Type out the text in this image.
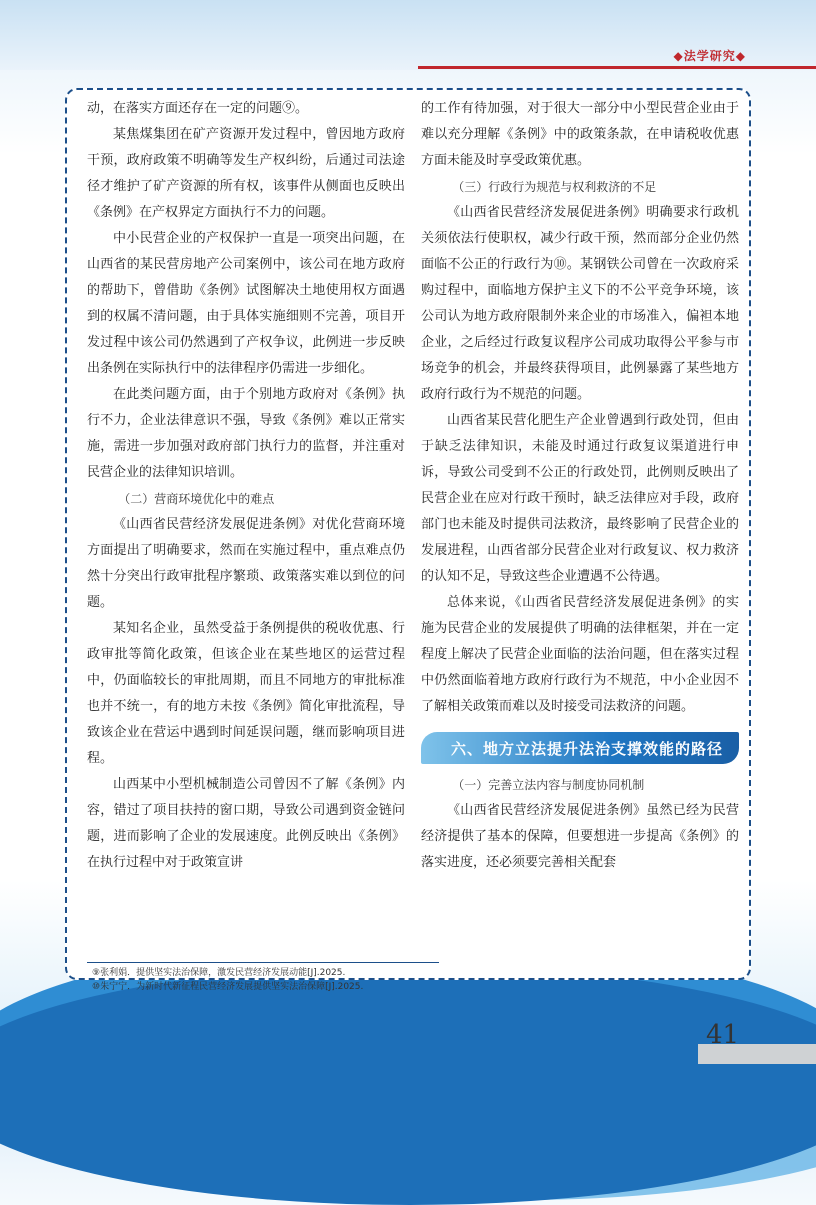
◆法学研究◆

动，在落实方面还存在一定的问题⑨。

某焦煤集团在矿产资源开发过程中，曾因地方政府干预，政府政策不明确等发生产权纠纷，后通过司法途径才维护了矿产资源的所有权，该事件从侧面也反映出《条例》在产权界定方面执行不力的问题。

中小民营企业的产权保护一直是一项突出问题，在山西省的某民营房地产公司案例中，该公司在地方政府的帮助下，曾借助《条例》试图解决土地使用权方面遇到的权属不清问题，由于具体实施细则不完善，项目开发过程中该公司仍然遇到了产权争议，此例进一步反映出条例在实际执行中的法律程序仍需进一步细化。

在此类问题方面，由于个别地方政府对《条例》执行不力，企业法律意识不强，导致《条例》难以正常实施，需进一步加强对政府部门执行力的监督，并注重对民营企业的法律知识培训。

（二）营商环境优化中的难点

《山西省民营经济发展促进条例》对优化营商环境方面提出了明确要求，然而在实施过程中，重点难点仍然十分突出行政审批程序繁琐、政策落实难以到位的问题。

某知名企业，虽然受益于条例提供的税收优惠、行政审批等简化政策，但该企业在某些地区的运营过程中，仍面临较长的审批周期，而且不同地方的审批标准也并不统一，有的地方未按《条例》简化审批流程，导致该企业在营运中遇到时间延误问题，继而影响项目进程。

山西某中小型机械制造公司曾因不了解《条例》内容，错过了项目扶持的窗口期，导致公司遇到资金链问题，进而影响了企业的发展速度。此例反映出《条例》在执行过程中对于政策宣讲

的工作有待加强，对于很大一部分中小型民营企业由于难以充分理解《条例》中的政策条款，在申请税收优惠方面未能及时享受政策优惠。

（三）行政行为规范与权利救济的不足

《山西省民营经济发展促进条例》明确要求行政机关须依法行使职权，减少行政干预，然而部分企业仍然面临不公正的行政行为⑩。某钢铁公司曾在一次政府采购过程中，面临地方保护主义下的不公平竞争环境，该公司认为地方政府限制外来企业的市场准入，偏袒本地企业，之后经过行政复议程序公司成功取得公平参与市场竞争的机会，并最终获得项目，此例暴露了某些地方政府行政行为不规范的问题。

山西省某民营化肥生产企业曾遇到行政处罚，但由于缺乏法律知识，未能及时通过行政复议渠道进行申诉，导致公司受到不公正的行政处罚，此例则反映出了民营企业在应对行政干预时，缺乏法律应对手段，政府部门也未能及时提供司法救济，最终影响了民营企业的发展进程，山西省部分民营企业对行政复议、权力救济的认知不足，导致这些企业遭遇不公待遇。

总体来说，《山西省民营经济发展促进条例》的实施为民营企业的发展提供了明确的法律框架，并在一定程度上解决了民营企业面临的法治问题，但在落实过程中仍然面临着地方政府行政行为不规范，中小企业因不了解相关政策而难以及时接受司法救济的问题。

六、地方立法提升法治支撑效能的路径
（一）完善立法内容与制度协同机制

《山西省民营经济发展促进条例》虽然已经为民营经济提供了基本的保障，但要想进一步提高《条例》的落实进度，还必须要完善相关配套

⑨张利娟．提供坚实法治保障，激发民营经济发展动能[J].2025.
⑩朱宁宁．为新时代新征程民营经济发展提供坚实法治保障[J].2025.
41
